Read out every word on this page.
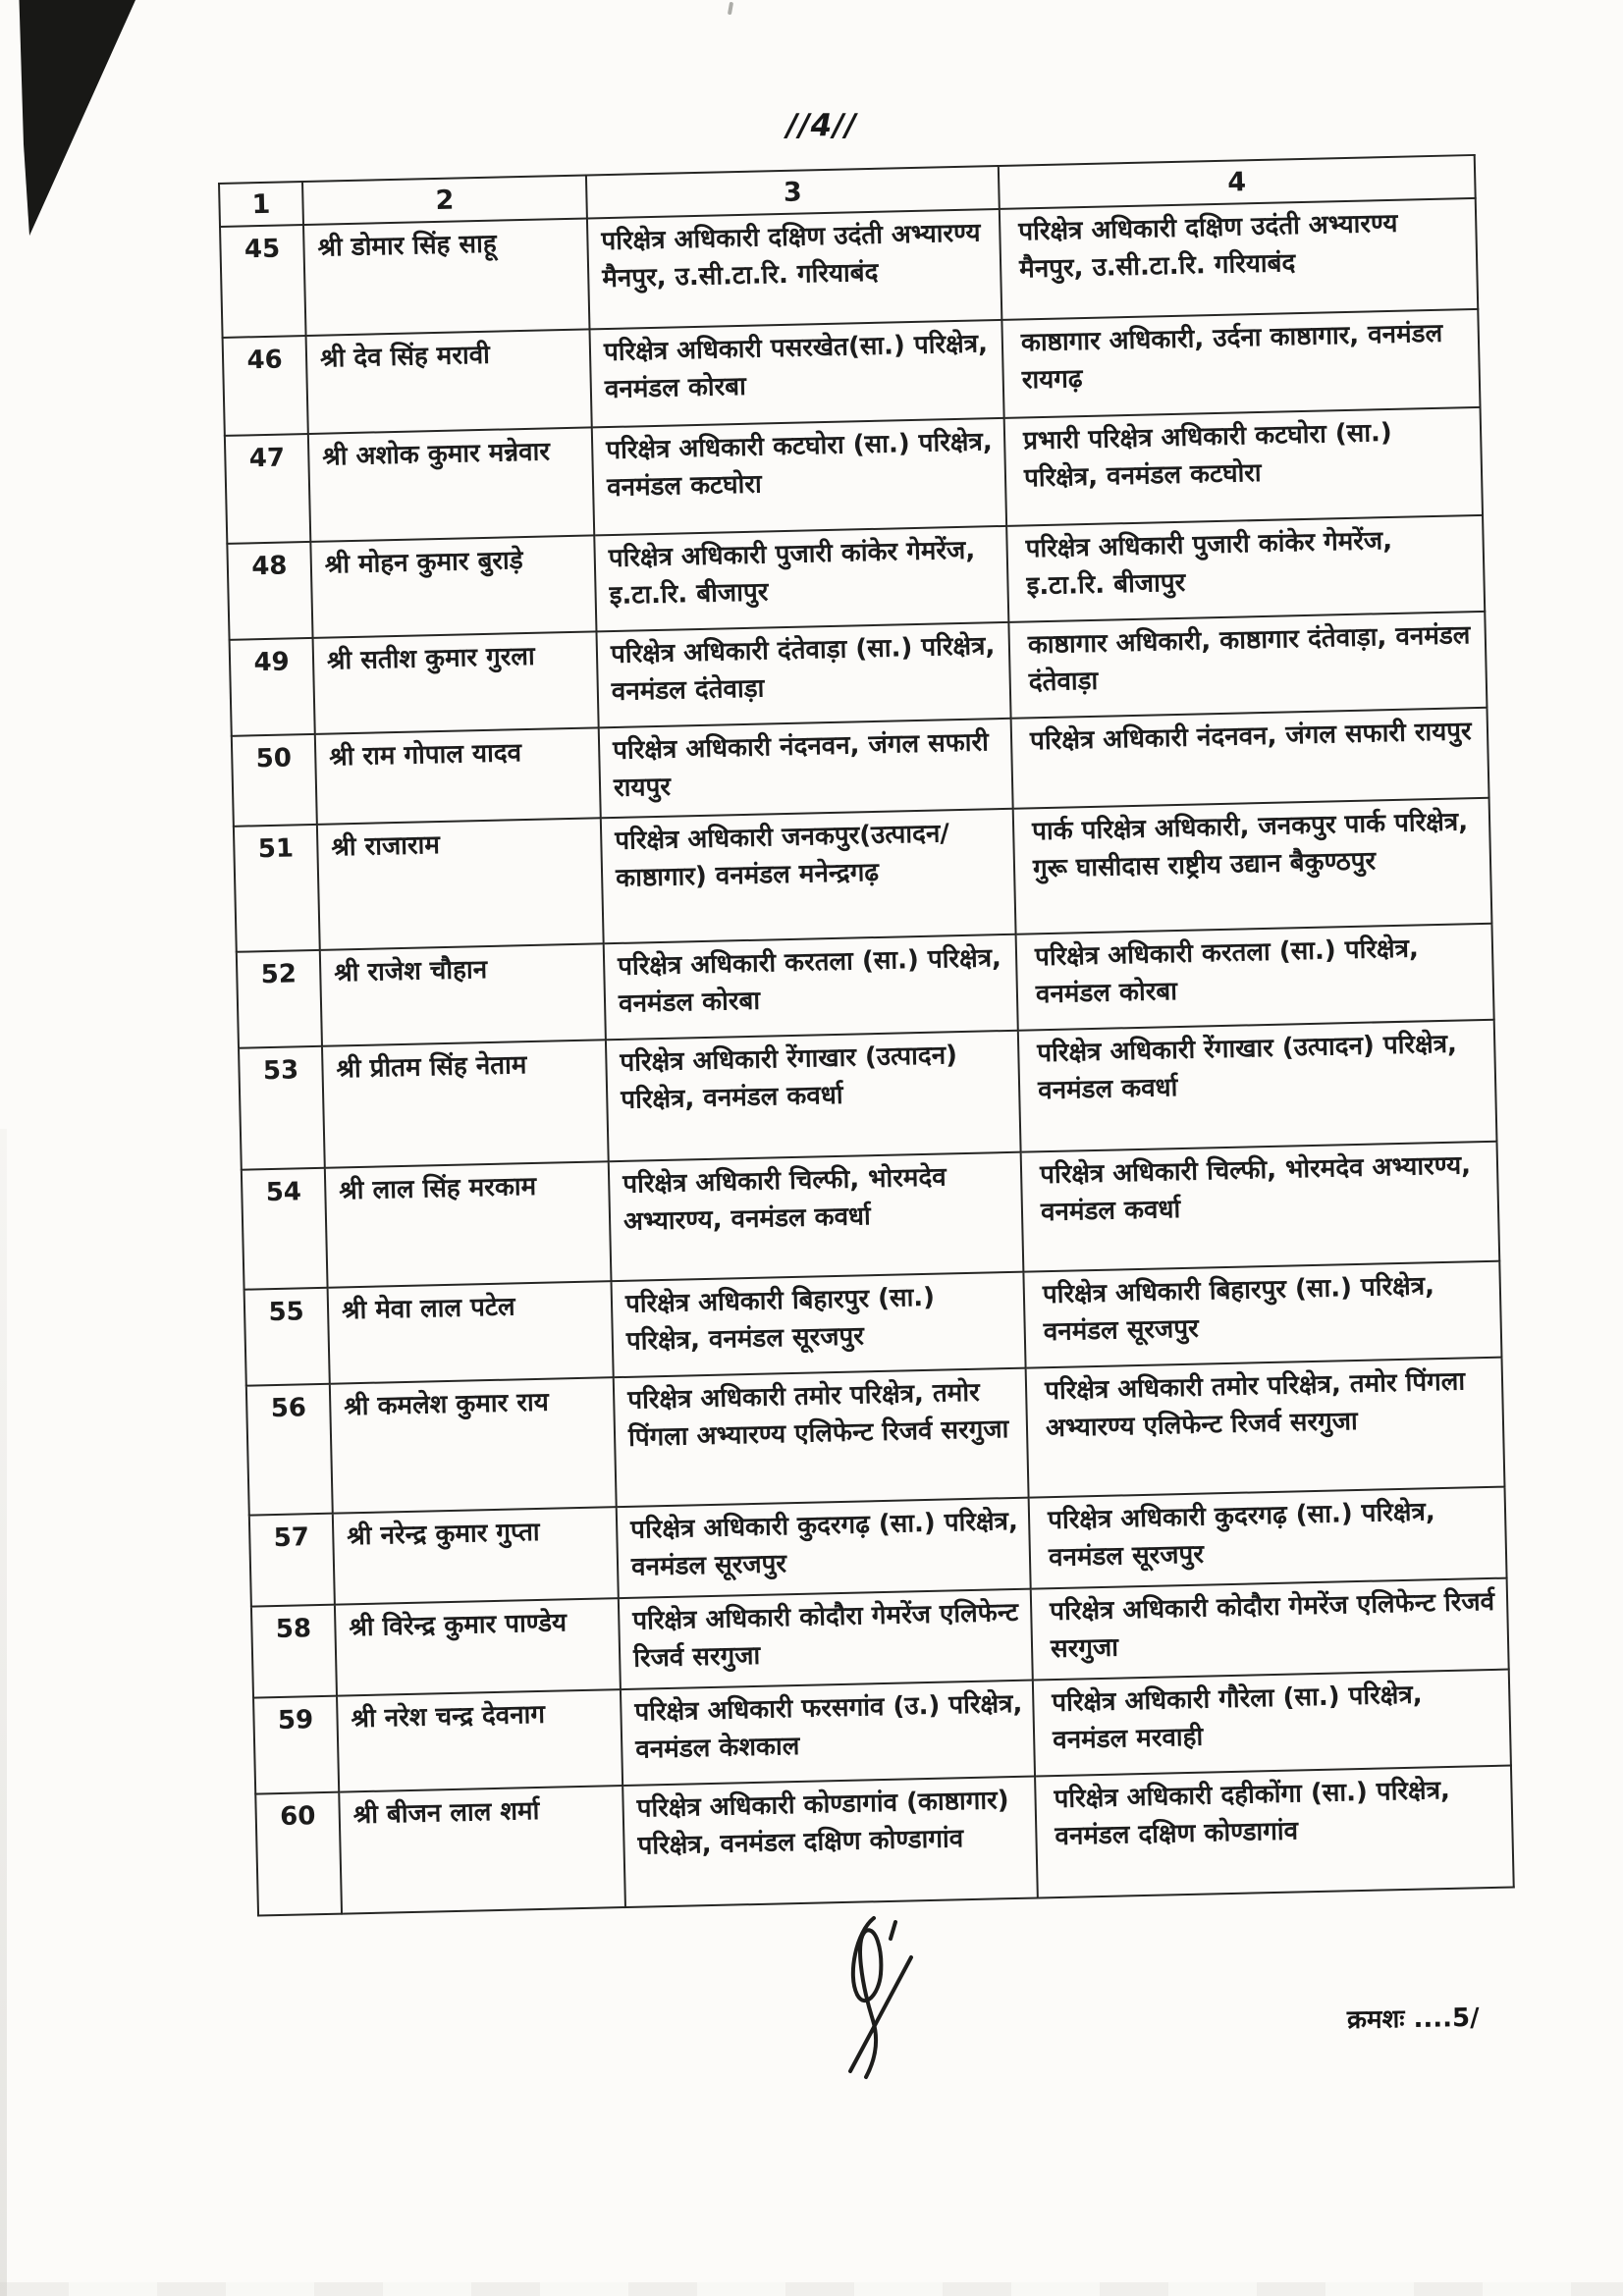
//4//
1	2	3	4
45	श्री डोमार सिंह साहू	परिक्षेत्र अधिकारी दक्षिण उदंती अभ्यारण्य मैनपुर, उ.सी.टा.रि. गरियाबंद	परिक्षेत्र अधिकारी दक्षिण उदंती अभ्यारण्य मैनपुर, उ.सी.टा.रि. गरियाबंद
46	श्री देव सिंह मरावी	परिक्षेत्र अधिकारी पसरखेत(सा.) परिक्षेत्र, वनमंडल कोरबा	काष्ठागार अधिकारी, उर्दना काष्ठागार, वनमंडल रायगढ़
47	श्री अशोक कुमार मन्नेवार	परिक्षेत्र अधिकारी कटघोरा (सा.) परिक्षेत्र, वनमंडल कटघोरा	प्रभारी परिक्षेत्र अधिकारी कटघोरा (सा.) परिक्षेत्र, वनमंडल कटघोरा
48	श्री मोहन कुमार बुराड़े	परिक्षेत्र अधिकारी पुजारी कांकेर गेमरेंज, इ.टा.रि. बीजापुर	परिक्षेत्र अधिकारी पुजारी कांकेर गेमरेंज, इ.टा.रि. बीजापुर
49	श्री सतीश कुमार गुरला	परिक्षेत्र अधिकारी दंतेवाड़ा (सा.) परिक्षेत्र, वनमंडल दंतेवाड़ा	काष्ठागार अधिकारी, काष्ठागार दंतेवाड़ा, वनमंडल दंतेवाड़ा
50	श्री राम गोपाल यादव	परिक्षेत्र अधिकारी नंदनवन, जंगल सफारी रायपुर	परिक्षेत्र अधिकारी नंदनवन, जंगल सफारी रायपुर
51	श्री राजाराम	परिक्षेत्र अधिकारी जनकपुर(उत्पादन/काष्ठागार) वनमंडल मनेन्द्रगढ़	पार्क परिक्षेत्र अधिकारी, जनकपुर पार्क परिक्षेत्र, गुरू घासीदास राष्ट्रीय उद्यान बैकुण्ठपुर
52	श्री राजेश चौहान	परिक्षेत्र अधिकारी करतला (सा.) परिक्षेत्र, वनमंडल कोरबा	परिक्षेत्र अधिकारी करतला (सा.) परिक्षेत्र, वनमंडल कोरबा
53	श्री प्रीतम सिंह नेताम	परिक्षेत्र अधिकारी रेंगाखार (उत्पादन) परिक्षेत्र, वनमंडल कवर्धा	परिक्षेत्र अधिकारी रेंगाखार (उत्पादन) परिक्षेत्र, वनमंडल कवर्धा
54	श्री लाल सिंह मरकाम	परिक्षेत्र अधिकारी चिल्फी, भोरमदेव अभ्यारण्य, वनमंडल कवर्धा	परिक्षेत्र अधिकारी चिल्फी, भोरमदेव अभ्यारण्य, वनमंडल कवर्धा
55	श्री मेवा लाल पटेल	परिक्षेत्र अधिकारी बिहारपुर (सा.) परिक्षेत्र, वनमंडल सूरजपुर	परिक्षेत्र अधिकारी बिहारपुर (सा.) परिक्षेत्र, वनमंडल सूरजपुर
56	श्री कमलेश कुमार राय	परिक्षेत्र अधिकारी तमोर परिक्षेत्र, तमोर पिंगला अभ्यारण्य एलिफेन्ट रिजर्व सरगुजा	परिक्षेत्र अधिकारी तमोर परिक्षेत्र, तमोर पिंगला अभ्यारण्य एलिफेन्ट रिजर्व सरगुजा
57	श्री नरेन्द्र कुमार गुप्ता	परिक्षेत्र अधिकारी कुदरगढ़ (सा.) परिक्षेत्र, वनमंडल सूरजपुर	परिक्षेत्र अधिकारी कुदरगढ़ (सा.) परिक्षेत्र, वनमंडल सूरजपुर
58	श्री विरेन्द्र कुमार पाण्डेय	परिक्षेत्र अधिकारी कोदौरा गेमरेंज एलिफेन्ट रिजर्व सरगुजा	परिक्षेत्र अधिकारी कोदौरा गेमरेंज एलिफेन्ट रिजर्व सरगुजा
59	श्री नरेश चन्द्र देवनाग	परिक्षेत्र अधिकारी फरसगांव (उ.) परिक्षेत्र, वनमंडल केशकाल	परिक्षेत्र अधिकारी गौरेला (सा.) परिक्षेत्र, वनमंडल मरवाही
60	श्री बीजन लाल शर्मा	परिक्षेत्र अधिकारी कोण्डागांव (काष्ठागार) परिक्षेत्र, वनमंडल दक्षिण कोण्डागांव	परिक्षेत्र अधिकारी दहीकोंगा (सा.) परिक्षेत्र, वनमंडल दक्षिण कोण्डागांव
क्रमशः ....5/
